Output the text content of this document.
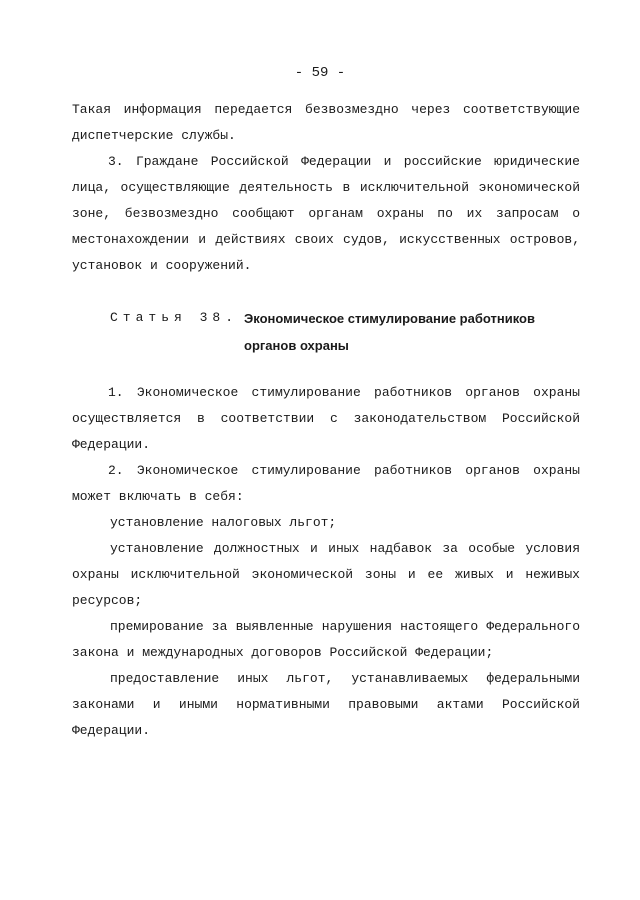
- 59 -

Такая информация передается безвозмездно через соответствующие диспетчерские службы.

3. Граждане Российской Федерации и российские юридические лица, осуществляющие деятельность в исключительной экономической зоне, безвозмездно сообщают органам охраны по их запросам о местонахождении и действиях своих судов, искусственных островов, установок и сооружений.

Статья 38. Экономическое стимулирование работников органов охраны

1. Экономическое стимулирование работников органов охраны осуществляется в соответствии с законодательством Российской Федерации.

2. Экономическое стимулирование работников органов охраны может включать в себя:

установление налоговых льгот;

установление должностных и иных надбавок за особые условия охраны исключительной экономической зоны и ее живых и неживых ресурсов;

премирование за выявленные нарушения настоящего Федерального закона и международных договоров Российской Федерации;

предоставление иных льгот, устанавливаемых федеральными законами и иными нормативными правовыми актами Российской Федерации.
